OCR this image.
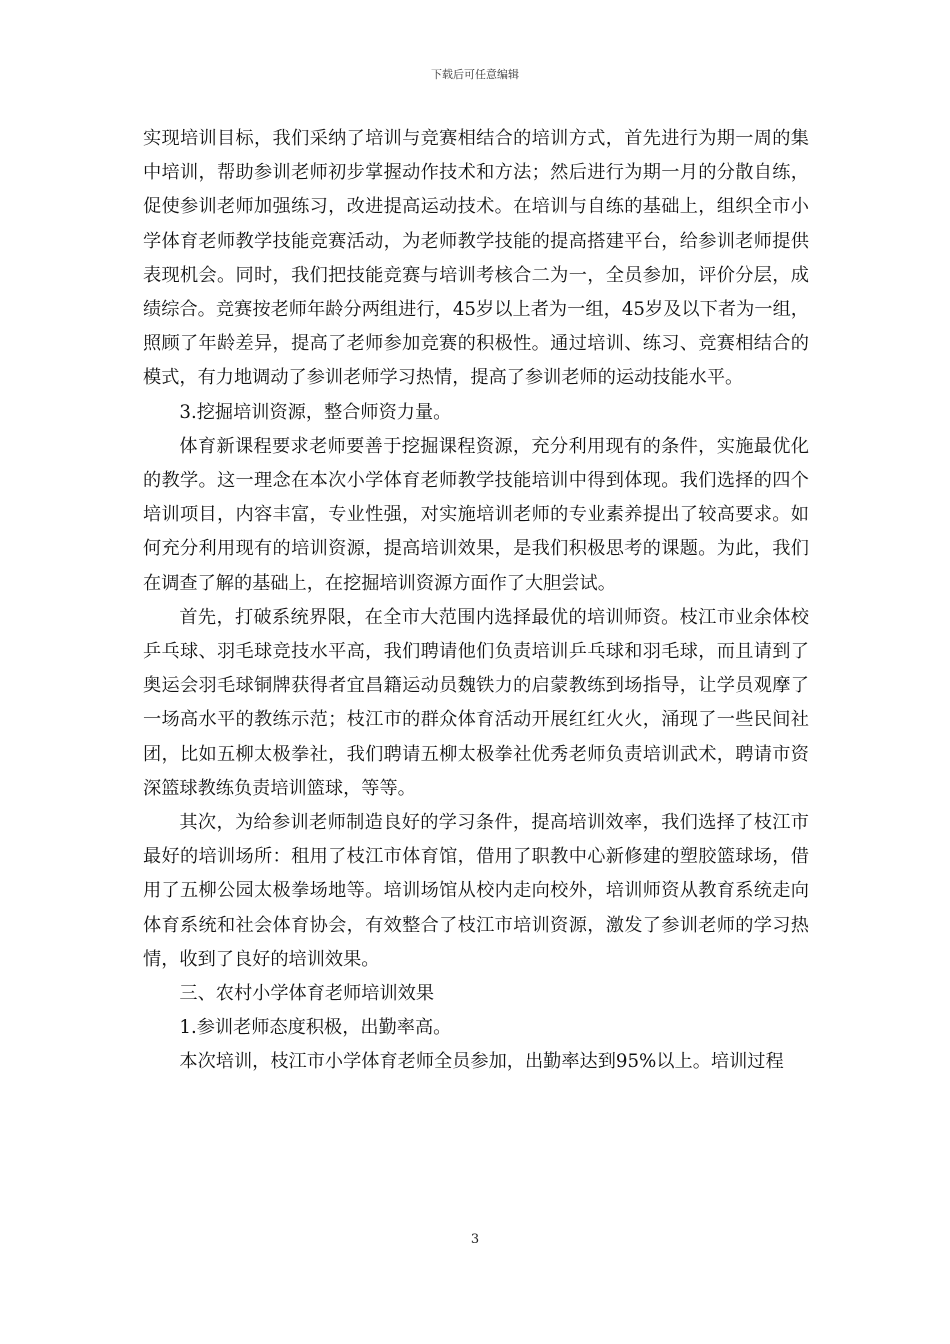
下载后可任意编辑

实现培训目标，我们采纳了培训与竞赛相结合的培训方式，首先进行为期一周的集中培训，帮助参训老师初步掌握动作技术和方法；然后进行为期一月的分散自练，促使参训老师加强练习，改进提高运动技术。在培训与自练的基础上，组织全市小学体育老师教学技能竞赛活动，为老师教学技能的提高搭建平台，给参训老师提供表现机会。同时，我们把技能竞赛与培训考核合二为一，全员参加，评价分层，成绩综合。竞赛按老师年龄分两组进行，45岁以上者为一组，45岁及以下者为一组，照顾了年龄差异，提高了老师参加竞赛的积极性。通过培训、练习、竞赛相结合的模式，有力地调动了参训老师学习热情，提高了参训老师的运动技能水平。

3.挖掘培训资源，整合师资力量。

体育新课程要求老师要善于挖掘课程资源，充分利用现有的条件，实施最优化的教学。这一理念在本次小学体育老师教学技能培训中得到体现。我们选择的四个培训项目，内容丰富，专业性强，对实施培训老师的专业素养提出了较高要求。如何充分利用现有的培训资源，提高培训效果，是我们积极思考的课题。为此，我们在调查了解的基础上，在挖掘培训资源方面作了大胆尝试。

首先，打破系统界限，在全市大范围内选择最优的培训师资。枝江市业余体校乒乓球、羽毛球竞技水平高，我们聘请他们负责培训乒乓球和羽毛球，而且请到了奥运会羽毛球铜牌获得者宜昌籍运动员魏铁力的启蒙教练到场指导，让学员观摩了一场高水平的教练示范；枝江市的群众体育活动开展红红火火，涌现了一些民间社团，比如五柳太极拳社，我们聘请五柳太极拳社优秀老师负责培训武术，聘请市资深篮球教练负责培训篮球，等等。

其次，为给参训老师制造良好的学习条件，提高培训效率，我们选择了枝江市最好的培训场所：租用了枝江市体育馆，借用了职教中心新修建的塑胶篮球场，借用了五柳公园太极拳场地等。培训场馆从校内走向校外，培训师资从教育系统走向体育系统和社会体育协会，有效整合了枝江市培训资源，激发了参训老师的学习热情，收到了良好的培训效果。

三、农村小学体育老师培训效果

1.参训老师态度积极，出勤率高。

本次培训，枝江市小学体育老师全员参加，出勤率达到95%以上。培训过程

3
